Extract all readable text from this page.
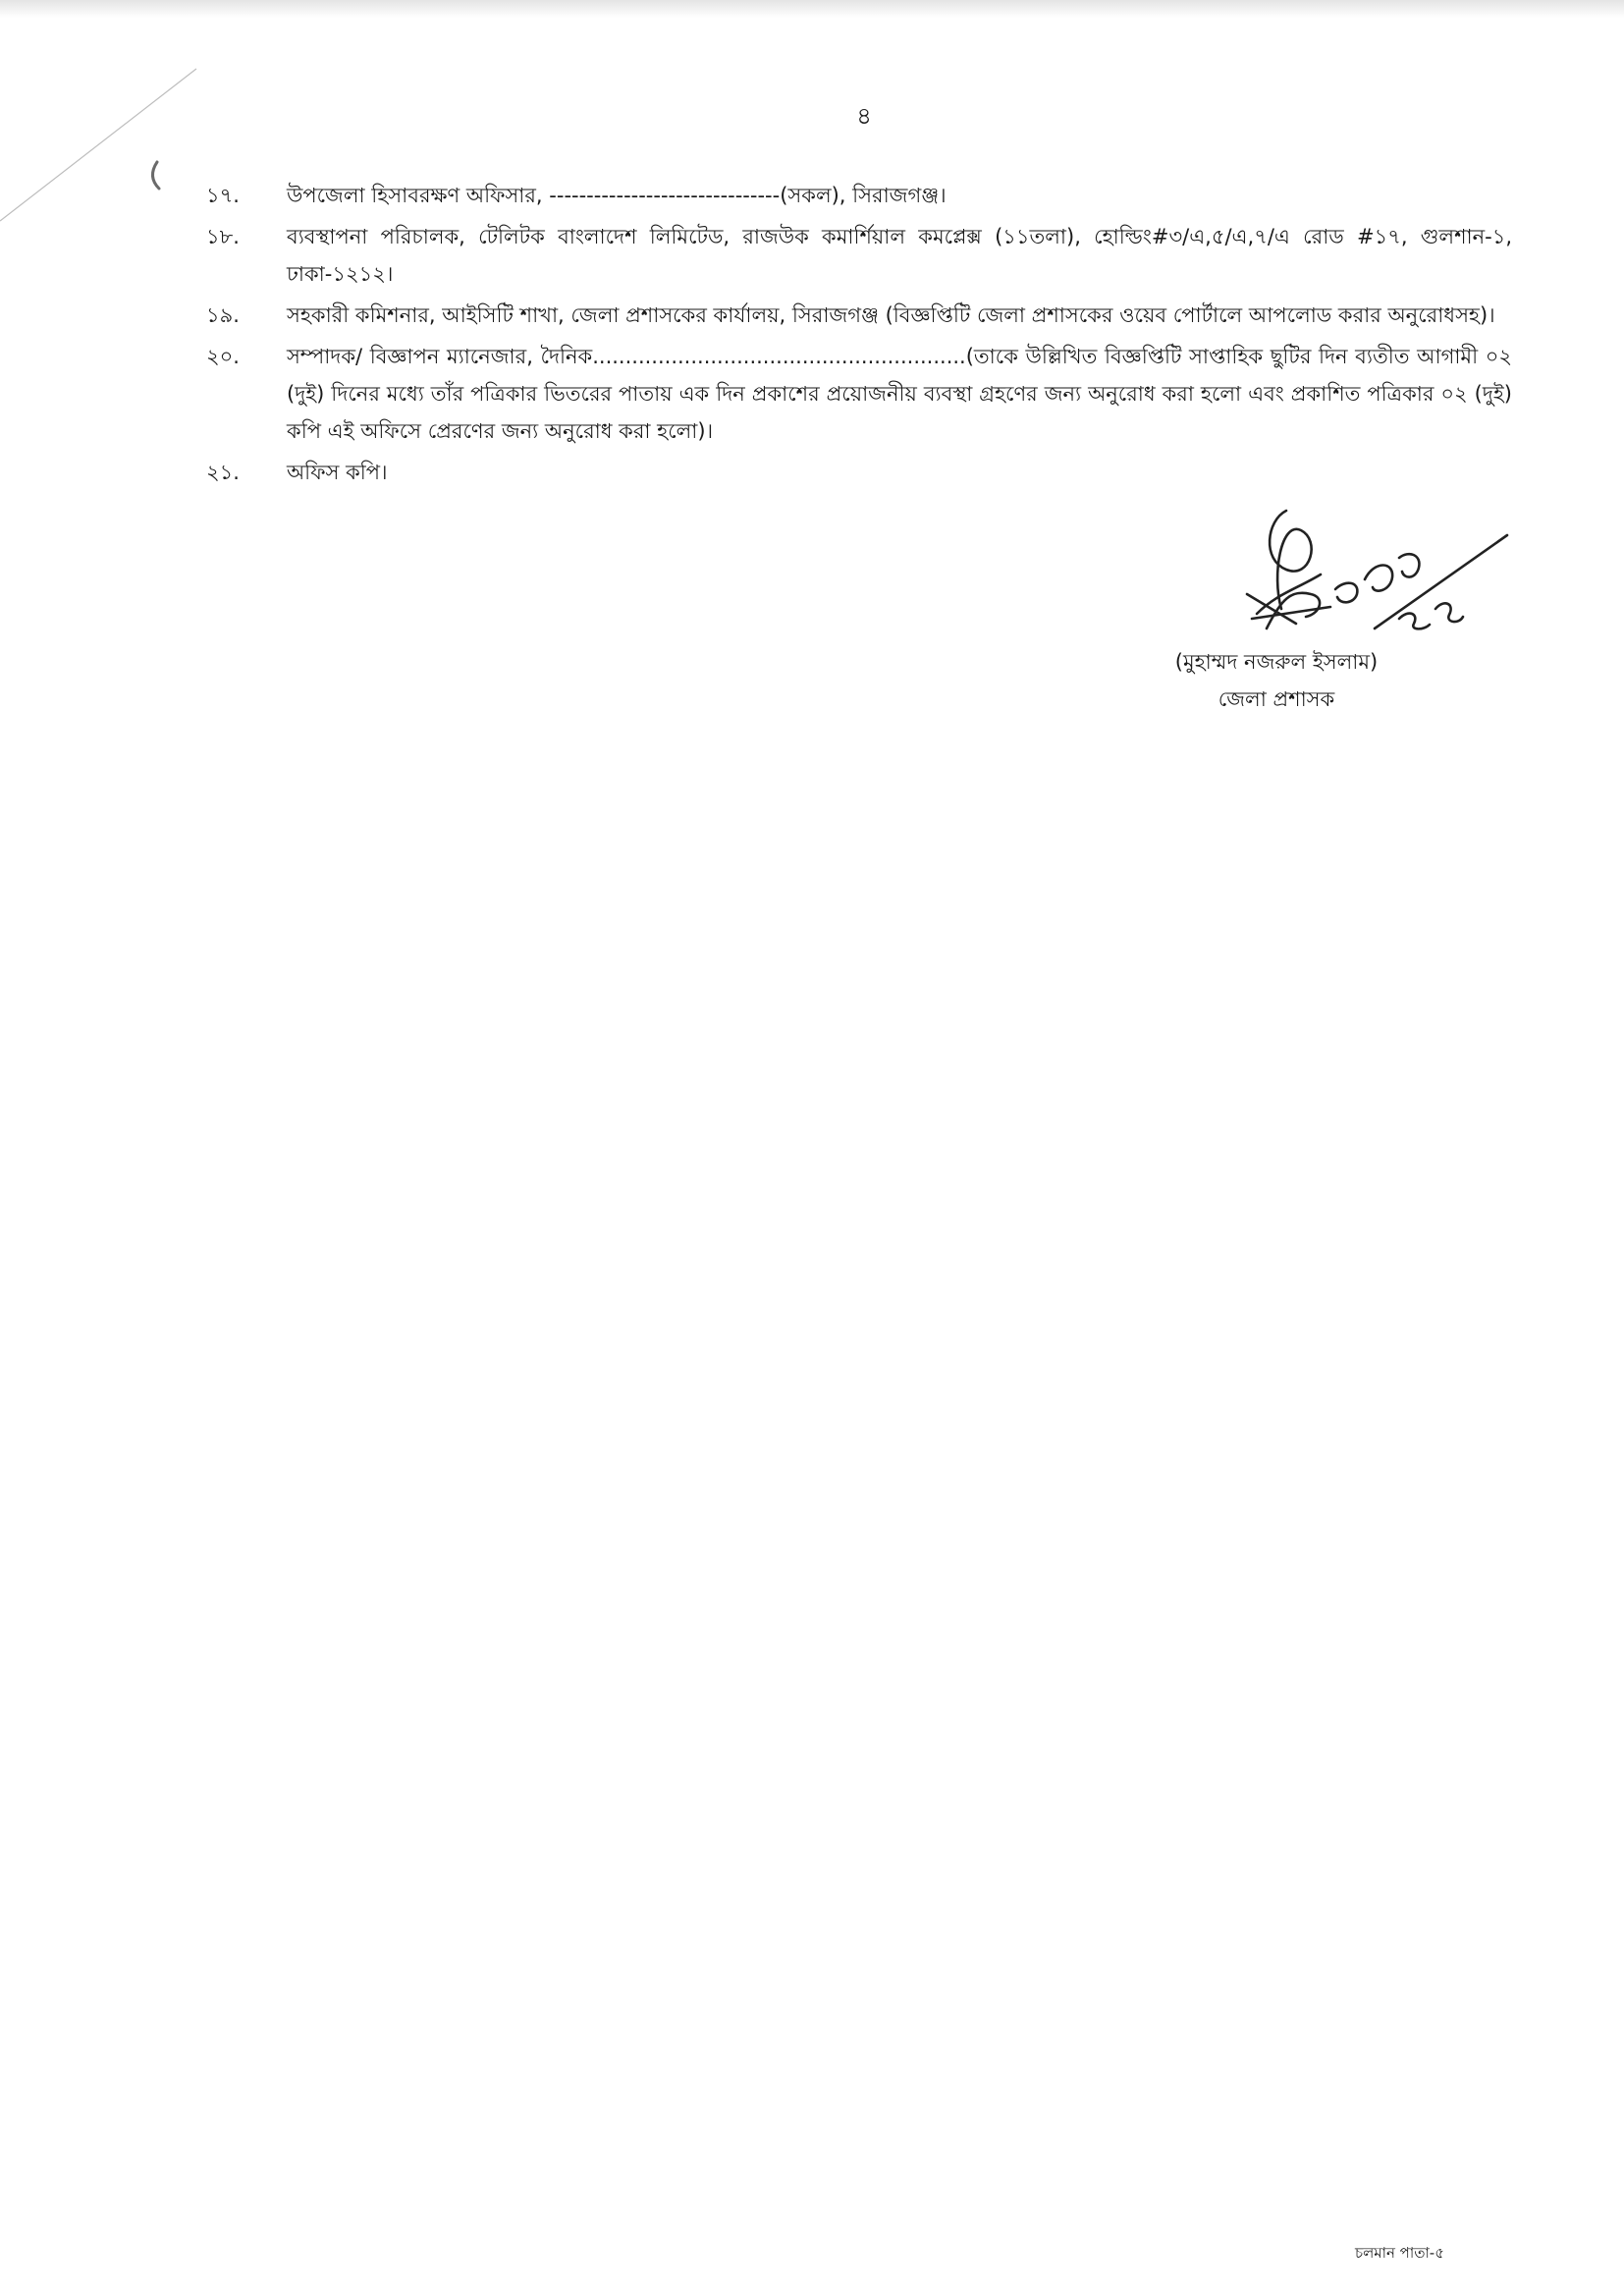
৪
১৭.	উপজেলা হিসাবরক্ষণ অফিসার, -------------------------------(সকল), সিরাজগঞ্জ।
১৮.	ব্যবস্থাপনা পরিচালক, টেলিটক বাংলাদেশ লিমিটেড, রাজউক কমার্শিয়াল কমপ্লেক্স (১১তলা), হোল্ডিং#৩/এ,৫/এ,৭/এ রোড #১৭, গুলশান-১, ঢাকা-১২১২।
১৯.	সহকারী কমিশনার, আইসিটি শাখা, জেলা প্রশাসকের কার্যালয়, সিরাজগঞ্জ (বিজ্ঞপ্তিটি জেলা প্রশাসকের ওয়েব পোর্টালে আপলোড করার অনুরোধসহ)।
২০.	সম্পাদক/ বিজ্ঞাপন ম্যানেজার, দৈনিক.........................................................(তাকে উল্লিখিত বিজ্ঞপ্তিটি সাপ্তাহিক ছুটির দিন ব্যতীত আগামী ০২ (দুই) দিনের মধ্যে তাঁর পত্রিকার ভিতরের পাতায় এক দিন প্রকাশের প্রয়োজনীয় ব্যবস্থা গ্রহণের জন্য অনুরোধ করা হলো এবং প্রকাশিত পত্রিকার ০২ (দুই) কপি এই অফিসে প্রেরণের জন্য অনুরোধ করা হলো)।
২১.	অফিস কপি।
(মুহাম্মদ নজরুল ইসলাম)
জেলা প্রশাসক
চলমান পাতা-৫
